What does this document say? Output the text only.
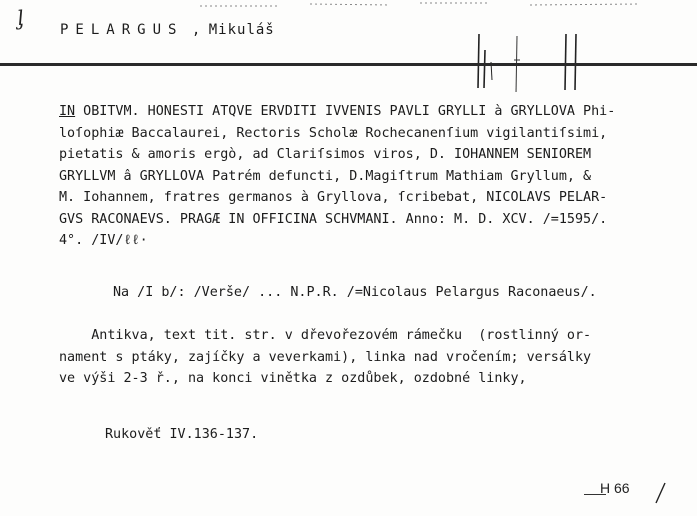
ᶅ	PELARGUS , Mikuláš
IN OBITVM. HONESTI ATQVE ERVDITI IVVENIS PAVLI GRYLLI à GRYLLOVA Phi-
loſophiæ Baccalaurei, Rectoris Scholæ Rochecanenſium vigilantiſsimi,
pietatis & amoris ergò, ad Clariſsimos viros, D. IOHANNEM SENIOREM
GRYLLVM â GRYLLOVA Patrém defuncti, D.Magiſtrum Mathiam Gryllum, &
M. Iohannem, fratres germanos à Gryllova, ſcribebat, NICOLAVS PELAR-
GVS RACONAEVS. PRAGÆ IN OFFICINA SCHVMANI. Anno: M. D. XCV. /=1595/.
4°. /IV/ℓℓ·
Na /I b/: /Verše/ ... N.P.R. /=Nicolaus Pelargus Raconaeus/.
Antikva, text tit. str. v dřevořezovém rámečku  (rostlinný or-
nament s ptáky, zajíčky a veverkami), linka nad vročením; versálky
ve výši 2-3 ř., na konci vinětka z ozdůbek, ozdobné linky,
Rukověť IV.136-137.
H 66
